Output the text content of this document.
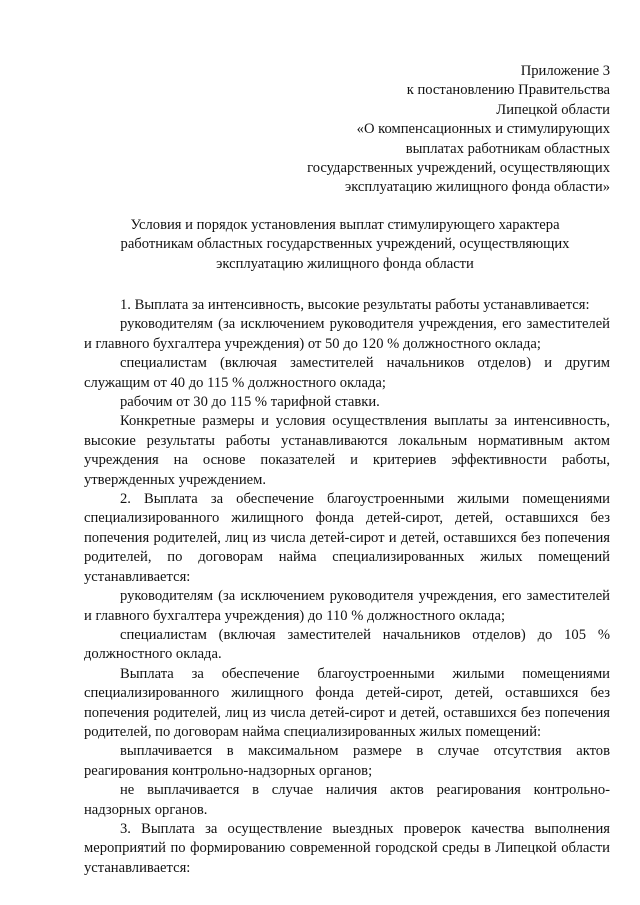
Приложение 3
к постановлению Правительства
Липецкой области
«О компенсационных и стимулирующих
выплатах работникам областных
государственных учреждений, осуществляющих
эксплуатацию жилищного фонда области»
Условия и порядок установления выплат стимулирующего характера
работникам областных государственных учреждений, осуществляющих
эксплуатацию жилищного фонда области

1. Выплата за интенсивность, высокие результаты работы устанавливается:

руководителям (за исключением руководителя учреждения, его заместителей и главного бухгалтера учреждения) от 50 до 120 % должностного оклада;

специалистам (включая заместителей начальников отделов) и другим служащим от 40 до 115 % должностного оклада;

рабочим от 30 до 115 % тарифной ставки.

Конкретные размеры и условия осуществления выплаты за интенсивность, высокие результаты работы устанавливаются локальным нормативным актом учреждения на основе показателей и критериев эффективности работы, утвержденных учреждением.

2. Выплата за обеспечение благоустроенными жилыми помещениями специализированного жилищного фонда детей-сирот, детей, оставшихся без попечения родителей, лиц из числа детей-сирот и детей, оставшихся без попечения родителей, по договорам найма специализированных жилых помещений устанавливается:

руководителям (за исключением руководителя учреждения, его заместителей и главного бухгалтера учреждения) до 110 % должностного оклада;

специалистам (включая заместителей начальников отделов) до 105 % должностного оклада.

Выплата за обеспечение благоустроенными жилыми помещениями специализированного жилищного фонда детей-сирот, детей, оставшихся без попечения родителей, лиц из числа детей-сирот и детей, оставшихся без попечения родителей, по договорам найма специализированных жилых помещений:

выплачивается в максимальном размере в случае отсутствия актов реагирования контрольно-надзорных органов;

не выплачивается в случае наличия актов реагирования контрольно-надзорных органов.

3. Выплата за осуществление выездных проверок качества выполнения мероприятий по формированию современной городской среды в Липецкой области устанавливается:
